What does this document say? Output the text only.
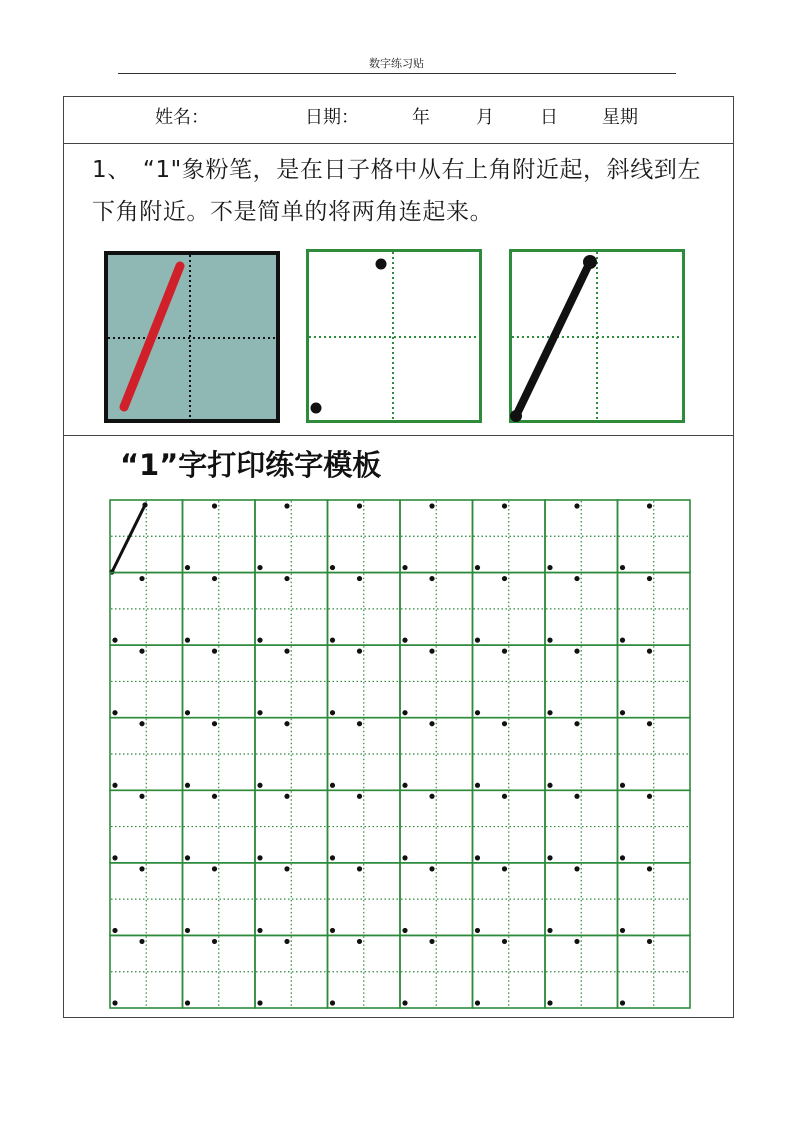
数字练习贴
姓名：	日期：	年	月	日 星期
1、　“1"象粉笔，是在日子格中从右上角附近起，斜线到左
下角附近。不是简单的将两角连起来。
“1”字打印练字模板
